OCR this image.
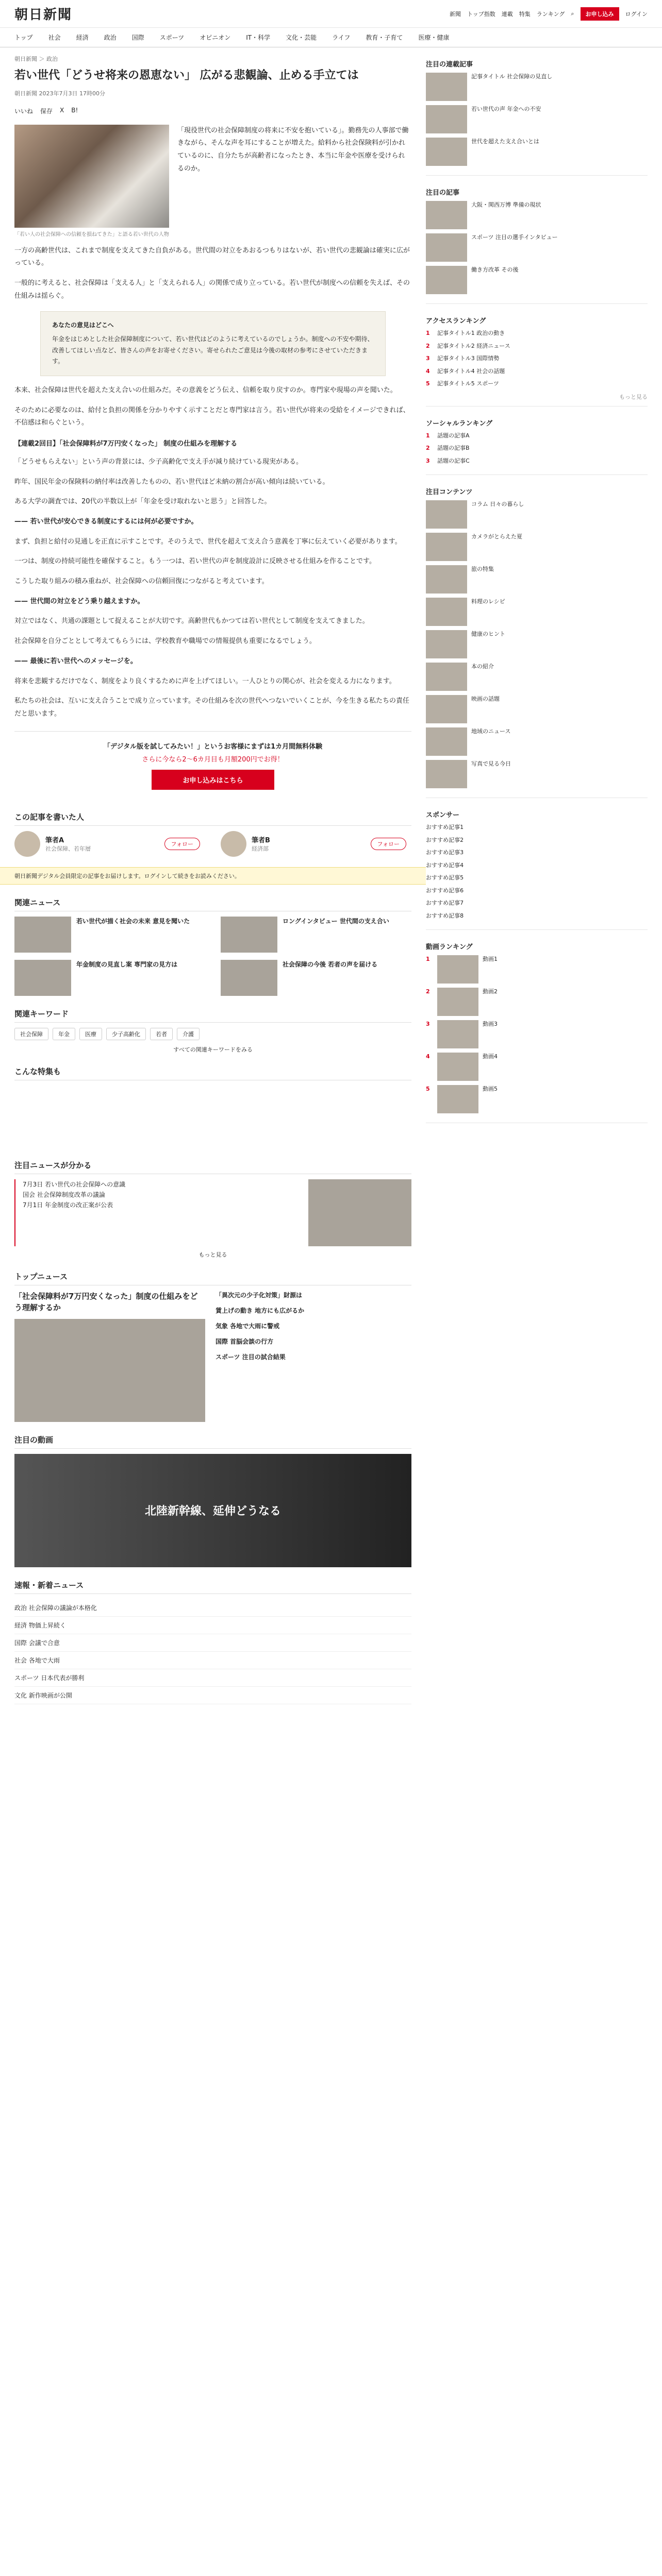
朝日新聞	新聞 トップ指数 連載 特集 ランキング ⌕	お申し込み	ログイン
トップ	社会	経済	政治	国際	スポーツ	オピニオン	IT・科学	文化・芸能	ライフ	教育・子育て	医療・健康
朝日新聞 ＞ 政治
若い世代「どうせ将来の恩恵ない」 広がる悲観論、止める手立ては
朝日新聞 2023年7月3日 17時00分
いいね 保存 X B!
「若い人の社会保障への信頼を損ねてきた」と語る若い世代の人物

「現役世代の社会保障制度の将来に不安を抱いている」。勤務先の人事部で働きながら、そんな声を耳にすることが増えた。給料から社会保険料が引かれているのに、自分たちが高齢者になったとき、本当に年金や医療を受けられるのか。

一方の高齢世代は、これまで制度を支えてきた自負がある。世代間の対立をあおるつもりはないが、若い世代の悲観論は確実に広がっている。

一般的に考えると、社会保障は「支える人」と「支えられる人」の関係で成り立っている。若い世代が制度への信頼を失えば、その仕組みは揺らぐ。

あなたの意見はどこへ
年金をはじめとした社会保障制度について、若い世代はどのように考えているのでしょうか。制度への不安や期待、改善してほしい点など、皆さんの声をお寄せください。寄せられたご意見は今後の取材の参考にさせていただきます。

本来、社会保障は世代を超えた支え合いの仕組みだ。その意義をどう伝え、信頼を取り戻すのか。専門家や現場の声を聞いた。

そのために必要なのは、給付と負担の関係を分かりやすく示すことだと専門家は言う。若い世代が将来の受給をイメージできれば、不信感は和らぐという。

【連載2回目】「社会保障料が7万円安くなった」 制度の仕組みを理解する

「どうせもらえない」という声の背景には、少子高齢化で支え手が減り続けている現実がある。

昨年、国民年金の保険料の納付率は改善したものの、若い世代ほど未納の割合が高い傾向は続いている。

ある大学の調査では、20代の半数以上が「年金を受け取れないと思う」と回答した。

—— 若い世代が安心できる制度にするには何が必要ですか。

まず、負担と給付の見通しを正直に示すことです。そのうえで、世代を超えて支え合う意義を丁寧に伝えていく必要があります。

一つは、制度の持続可能性を確保すること。もう一つは、若い世代の声を制度設計に反映させる仕組みを作ることです。

こうした取り組みの積み重ねが、社会保障への信頼回復につながると考えています。

—— 世代間の対立をどう乗り越えますか。

対立ではなく、共通の課題として捉えることが大切です。高齢世代もかつては若い世代として制度を支えてきました。

社会保障を自分ごととして考えてもらうには、学校教育や職場での情報提供も重要になるでしょう。

—— 最後に若い世代へのメッセージを。

将来を悲観するだけでなく、制度をより良くするために声を上げてほしい。一人ひとりの関心が、社会を変える力になります。

私たちの社会は、互いに支え合うことで成り立っています。その仕組みを次の世代へつないでいくことが、今を生きる私たちの責任だと思います。

「デジタル版を試してみたい！」というお客様にまずは1カ月間無料体験
さらに今なら2～6カ月目も月額200円でお得！
お申し込みはこちら
この記事を書いた人
筆者A
社会保障、若年層
フォロー	筆者B
経済部
フォロー
朝日新聞デジタル会員限定の記事をお届けします。ログインして続きをお読みください。
関連ニュース
若い世代が描く社会の未来 意見を聞いた	ロングインタビュー 世代間の支え合い
年金制度の見直し案 専門家の見方は	社会保障の今後 若者の声を届ける
関連キーワード
社会保障	年金	医療	少子高齢化	若者	介護
すべての関連キーワードをみる
こんな特集も
注目ニュースが分かる
7月3日 若い世代の社会保障への意識
国会 社会保障制度改革の議論
7月1日 年金制度の改正案が公表
もっと見る
トップニュース
「社会保障料が7万円安くなった」制度の仕組みをどう理解するか
「異次元の少子化対策」財源は
賃上げの動き 地方にも広がるか
気象 各地で大雨に警戒
国際 首脳会談の行方
スポーツ 注目の試合結果
注目の動画
北陸新幹線、延伸どうなる
速報・新着ニュース
政治 社会保障の議論が本格化
経済 物価上昇続く
国際 会議で合意
社会 各地で大雨
スポーツ 日本代表が勝利
文化 新作映画が公開
注目の連載記事
記事タイトル 社会保障の見直し
若い世代の声 年金への不安
世代を超えた支え合いとは
注目の記事
大阪・関西万博 準備の現状
スポーツ 注目の選手インタビュー
働き方改革 その後
アクセスランキング
1	記事タイトル1 政治の動き
2	記事タイトル2 経済ニュース
3	記事タイトル3 国際情勢
4	記事タイトル4 社会の話題
5	記事タイトル5 スポーツ
もっと見る
ソーシャルランキング
1	話題の記事A
2	話題の記事B
3	話題の記事C
注目コンテンツ
コラム 日々の暮らし
カメラがとらえた夏
旅の特集
料理のレシピ
健康のヒント
本の紹介
映画の話題
地域のニュース
写真で見る今日
スポンサー
おすすめ記事1
おすすめ記事2
おすすめ記事3
おすすめ記事4
おすすめ記事5
おすすめ記事6
おすすめ記事7
おすすめ記事8
動画ランキング
1	動画1
2	動画2
3	動画3
4	動画4
5	動画5
